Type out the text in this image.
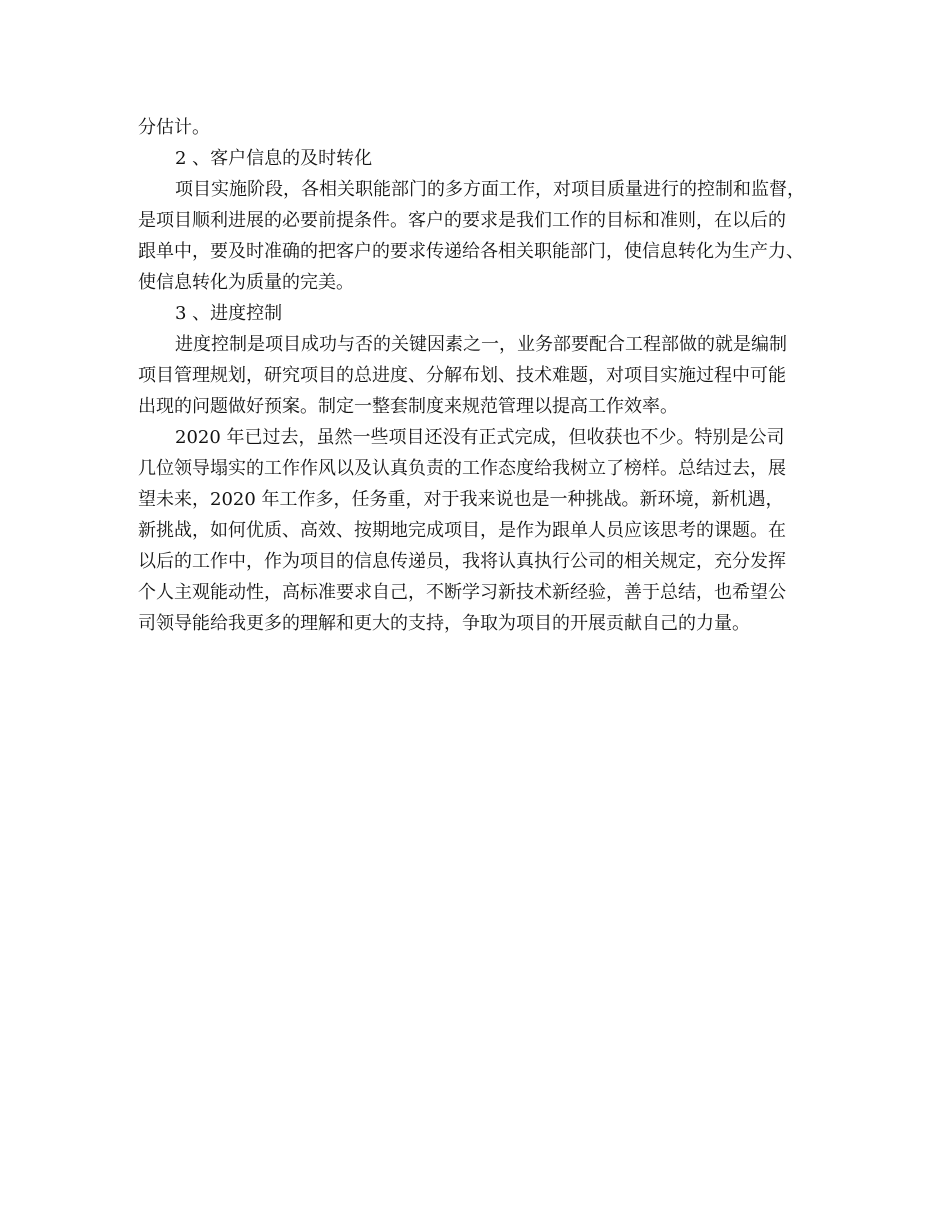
分估计。
2 、客户信息的及时转化
项目实施阶段，各相关职能部门的多方面工作，对项目质量进行的控制和监督，
是项目顺利进展的必要前提条件。客户的要求是我们工作的目标和准则，在以后的
跟单中，要及时准确的把客户的要求传递给各相关职能部门，使信息转化为生产力、
使信息转化为质量的完美。
3 、进度控制
进度控制是项目成功与否的关键因素之一，业务部要配合工程部做的就是编制
项目管理规划，研究项目的总进度、分解布划、技术难题，对项目实施过程中可能
出现的问题做好预案。制定一整套制度来规范管理以提高工作效率。
2020 年已过去，虽然一些项目还没有正式完成，但收获也不少。特别是公司
几位领导塌实的工作作风以及认真负责的工作态度给我树立了榜样。总结过去，展
望未来，2020 年工作多，任务重，对于我来说也是一种挑战。新环境，新机遇，
新挑战，如何优质、高效、按期地完成项目，是作为跟单人员应该思考的课题。在
以后的工作中，作为项目的信息传递员，我将认真执行公司的相关规定，充分发挥
个人主观能动性，高标准要求自己，不断学习新技术新经验，善于总结，也希望公
司领导能给我更多的理解和更大的支持，争取为项目的开展贡献自己的力量。
